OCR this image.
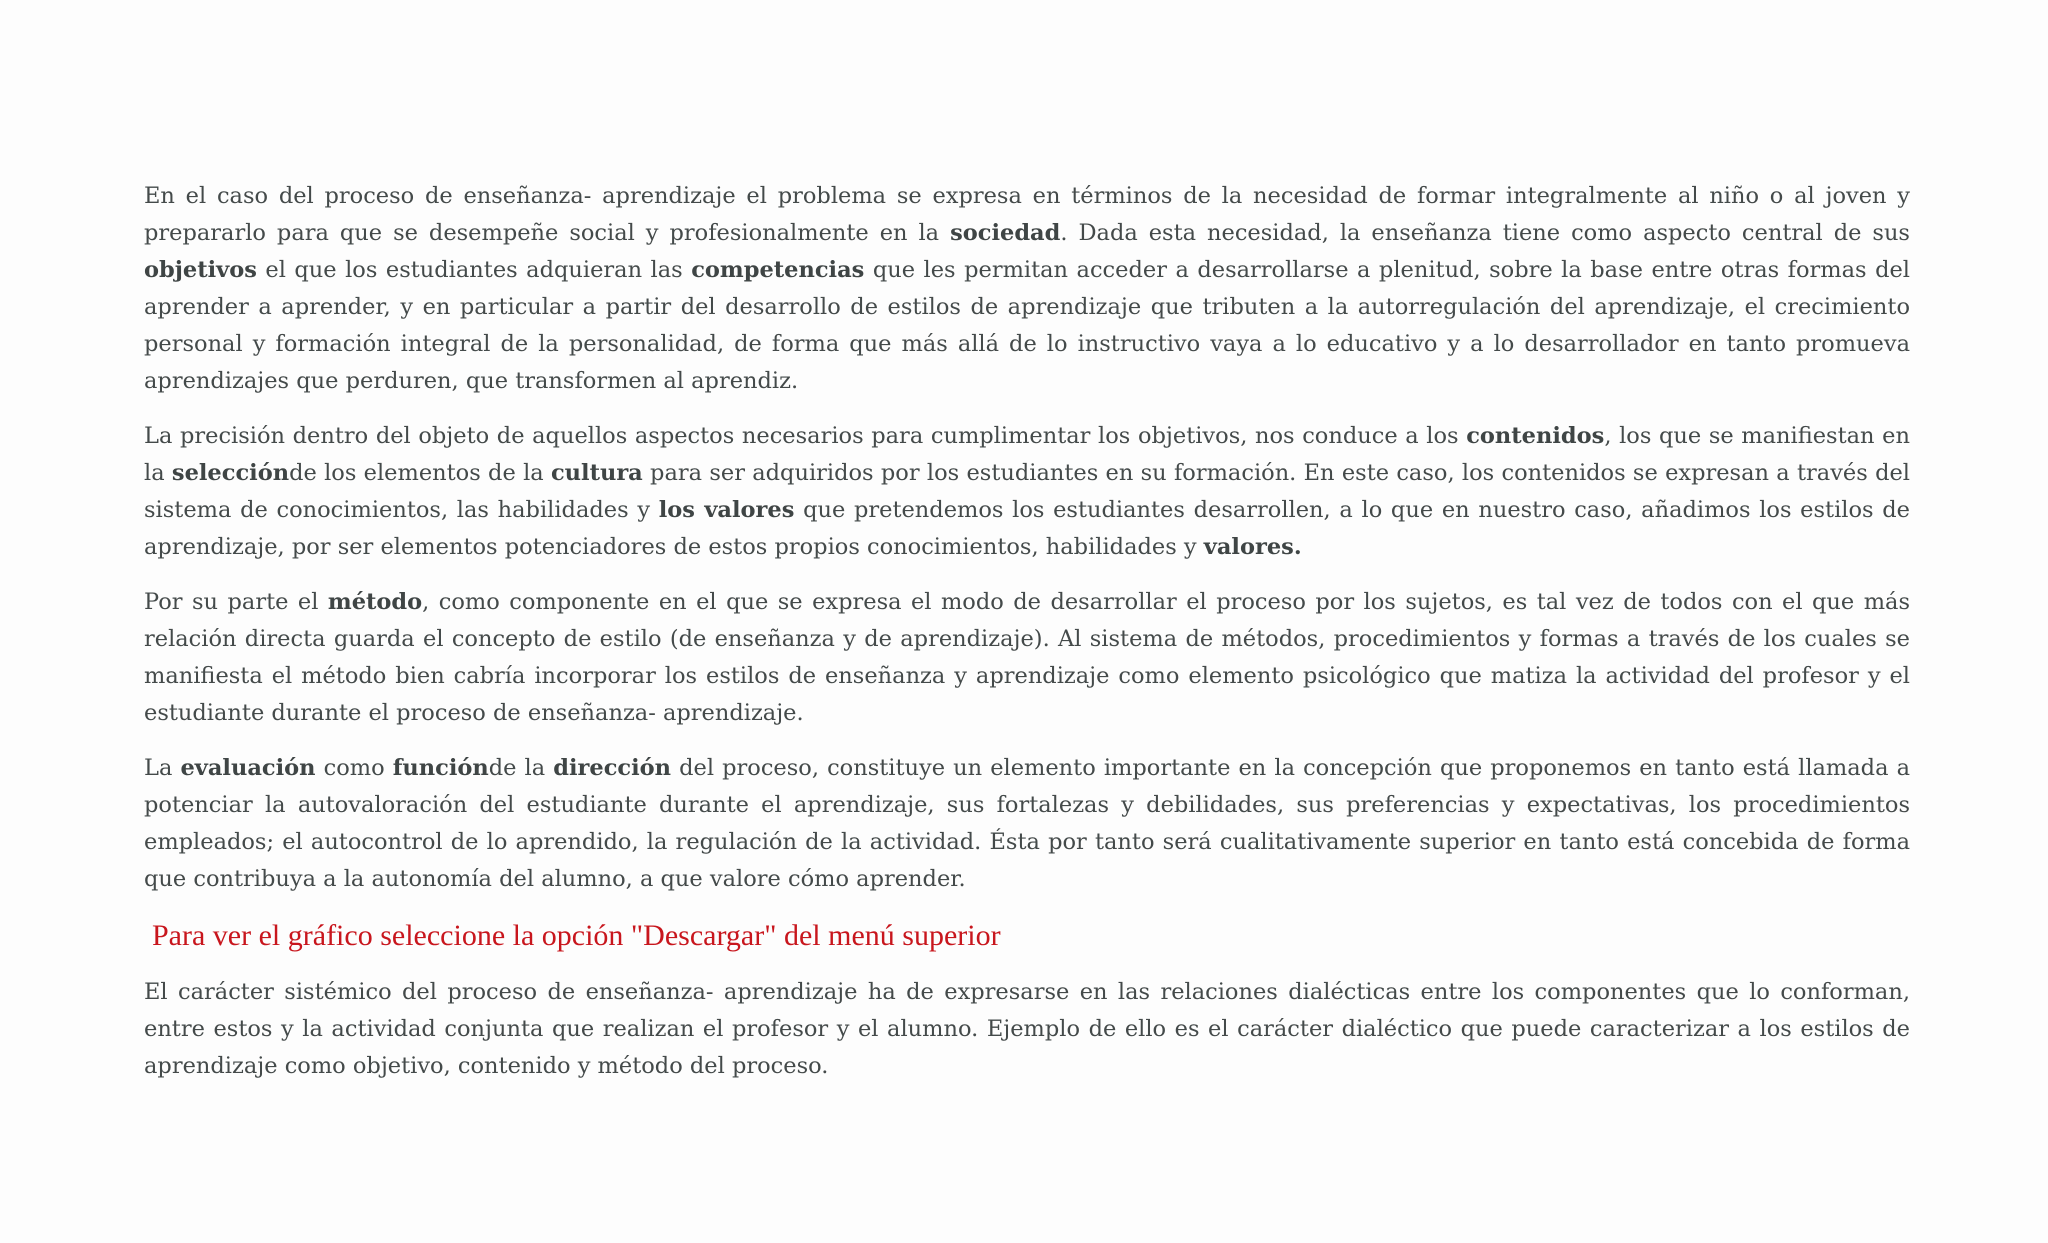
En el caso del proceso de enseñanza- aprendizaje el problema se expresa en términos de la necesidad de formar integralmente al niño o al joven y prepararlo para que se desempeñe social y profesionalmente en la sociedad. Dada esta necesidad, la enseñanza tiene como aspecto central de sus objetivos el que los estudiantes adquieran las competencias que les permitan acceder a desarrollarse a plenitud, sobre la base entre otras formas del aprender a aprender, y en particular a partir del desarrollo de estilos de aprendizaje que tributen a la autorregulación del aprendizaje, el crecimiento personal y formación integral de la personalidad, de forma que más allá de lo instructivo vaya a lo educativo y a lo desarrollador en tanto promueva aprendizajes que perduren, que transformen al aprendiz.

La precisión dentro del objeto de aquellos aspectos necesarios para cumplimentar los objetivos, nos conduce a los contenidos, los que se manifiestan en la selecciónde los elementos de la cultura para ser adquiridos por los estudiantes en su formación. En este caso, los contenidos se expresan a través del sistema de conocimientos, las habilidades y los valores que pretendemos los estudiantes desarrollen, a lo que en nuestro caso, añadimos los estilos de aprendizaje, por ser elementos potenciadores de estos propios conocimientos, habilidades y valores.

Por su parte el método, como componente en el que se expresa el modo de desarrollar el proceso por los sujetos, es tal vez de todos con el que más relación directa guarda el concepto de estilo (de enseñanza y de aprendizaje). Al sistema de métodos, procedimientos y formas a través de los cuales se manifiesta el método bien cabría incorporar los estilos de enseñanza y aprendizaje como elemento psicológico que matiza la actividad del profesor y el estudiante durante el proceso de enseñanza- aprendizaje.

La evaluación como funciónde la dirección del proceso, constituye un elemento importante en la concepción que proponemos en tanto está llamada a potenciar la autovaloración del estudiante durante el aprendizaje, sus fortalezas y debilidades, sus preferencias y expectativas, los procedimientos empleados; el autocontrol de lo aprendido, la regulación de la actividad. Ésta por tanto será cualitativamente superior en tanto está concebida de forma que contribuya a la autonomía del alumno, a que valore cómo aprender.

Para ver el gráfico seleccione la opción "Descargar" del menú superior

El carácter sistémico del proceso de enseñanza- aprendizaje ha de expresarse en las relaciones dialécticas entre los componentes que lo conforman, entre estos y la actividad conjunta que realizan el profesor y el alumno. Ejemplo de ello es el carácter dialéctico que puede caracterizar a los estilos de aprendizaje como objetivo, contenido y método del proceso.
